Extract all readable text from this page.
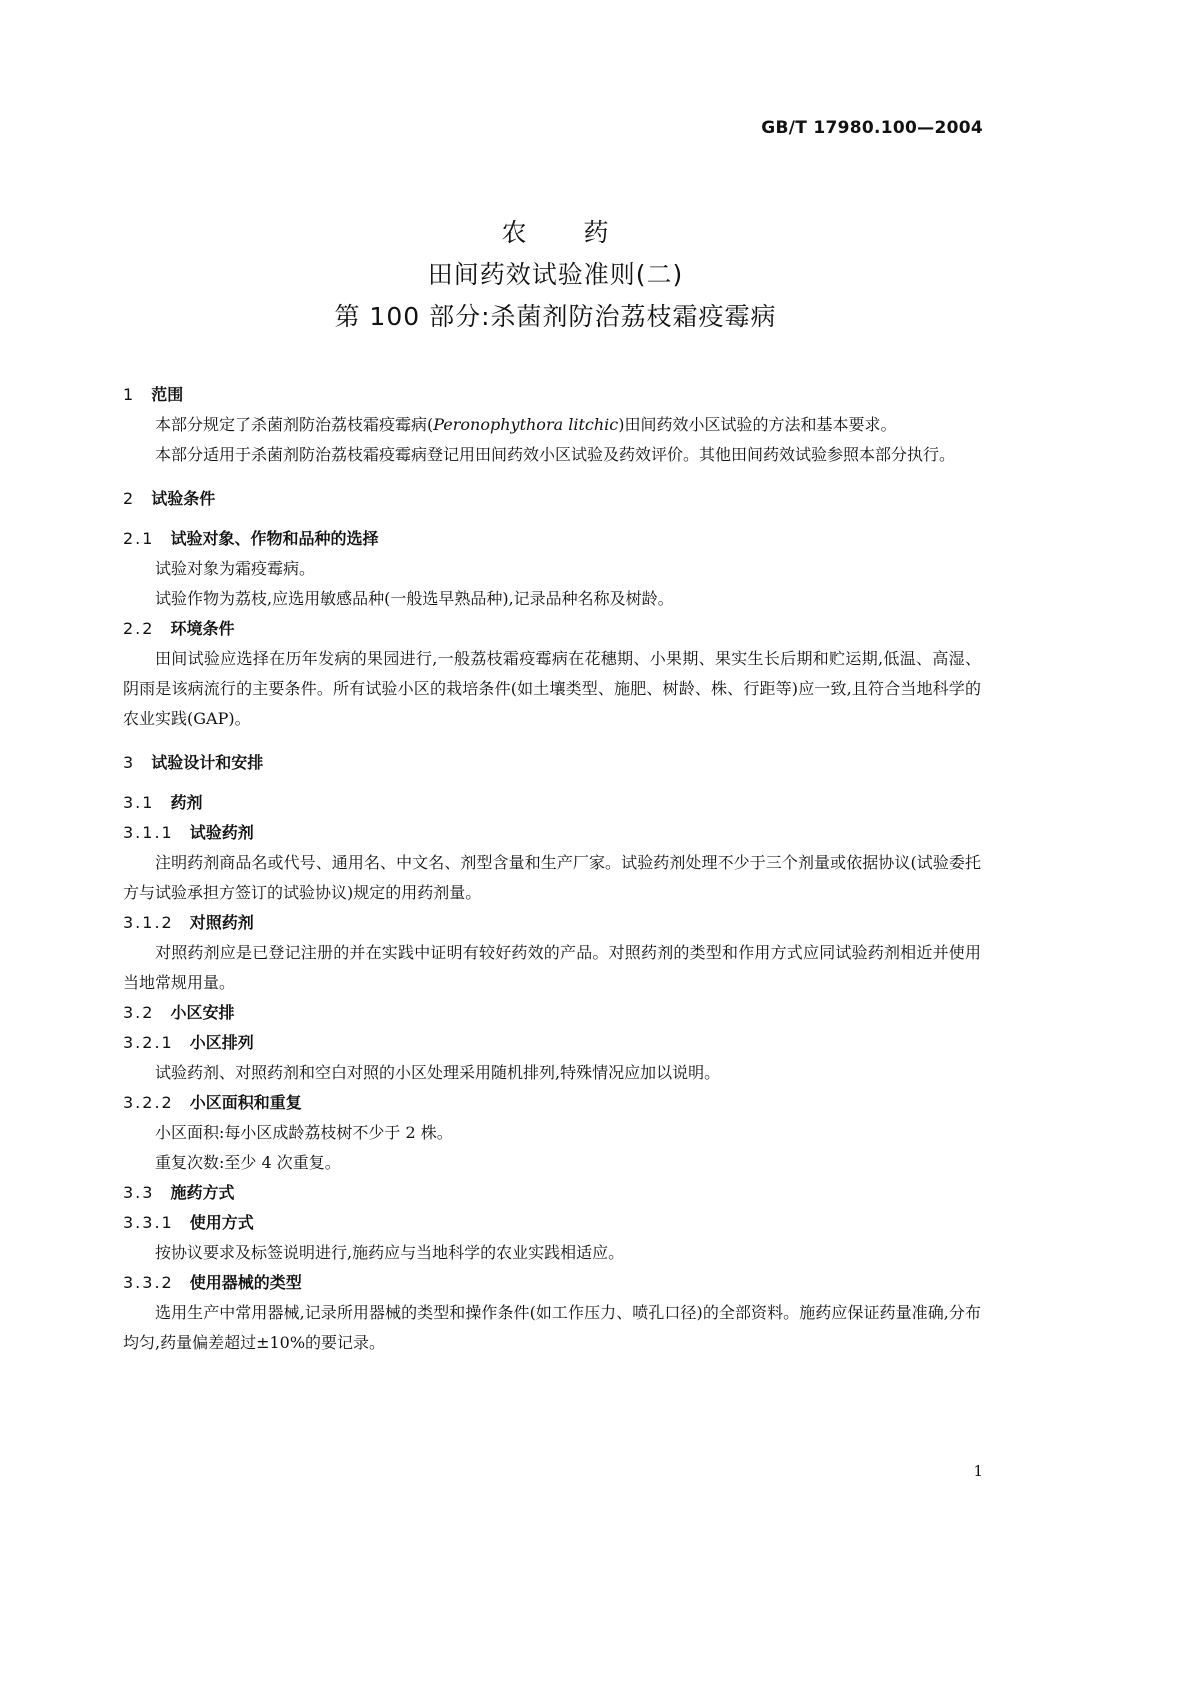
GB/T 17980.100—2004
农 药
田间药效试验准则(二)
第 100 部分:杀菌剂防治荔枝霜疫霉病
1 范围

本部分规定了杀菌剂防治荔枝霜疫霉病(Peronophythora litchic)田间药效小区试验的方法和基本要求。

本部分适用于杀菌剂防治荔枝霜疫霉病登记用田间药效小区试验及药效评价。其他田间药效试验参照本部分执行。

2 试验条件
2.1 试验对象、作物和品种的选择

试验对象为霜疫霉病。

试验作物为荔枝,应选用敏感品种(一般选早熟品种),记录品种名称及树龄。

2.2 环境条件

田间试验应选择在历年发病的果园进行,一般荔枝霜疫霉病在花穗期、小果期、果实生长后期和贮运期,低温、高湿、阴雨是该病流行的主要条件。所有试验小区的栽培条件(如土壤类型、施肥、树龄、株、行距等)应一致,且符合当地科学的农业实践(GAP)。

3 试验设计和安排
3.1 药剂
3.1.1 试验药剂

注明药剂商品名或代号、通用名、中文名、剂型含量和生产厂家。试验药剂处理不少于三个剂量或依据协议(试验委托方与试验承担方签订的试验协议)规定的用药剂量。

3.1.2 对照药剂

对照药剂应是已登记注册的并在实践中证明有较好药效的产品。对照药剂的类型和作用方式应同试验药剂相近并使用当地常规用量。

3.2 小区安排
3.2.1 小区排列

试验药剂、对照药剂和空白对照的小区处理采用随机排列,特殊情况应加以说明。

3.2.2 小区面积和重复

小区面积:每小区成龄荔枝树不少于 2 株。

重复次数:至少 4 次重复。

3.3 施药方式
3.3.1 使用方式

按协议要求及标签说明进行,施药应与当地科学的农业实践相适应。

3.3.2 使用器械的类型

选用生产中常用器械,记录所用器械的类型和操作条件(如工作压力、喷孔口径)的全部资料。施药应保证药量准确,分布均匀,药量偏差超过±10%的要记录。

1
